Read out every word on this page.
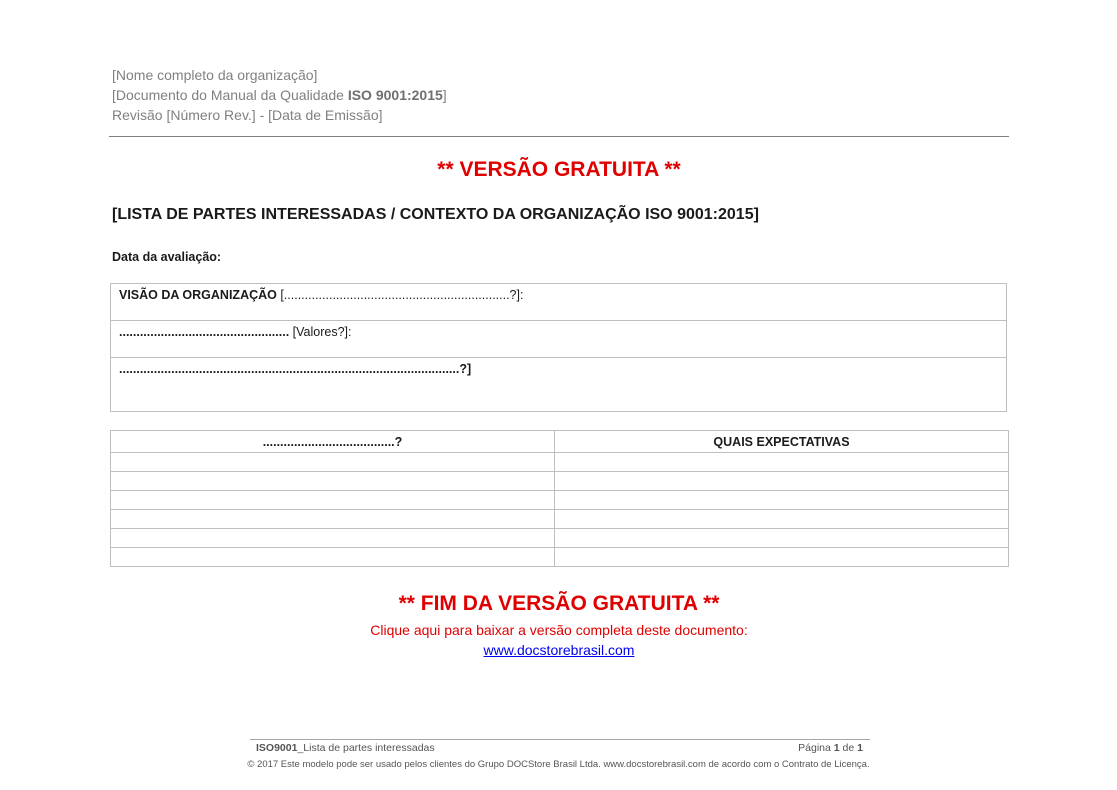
[Nome completo da organização]
[Documento do Manual da Qualidade ISO 9001:2015]
Revisão [Número Rev.] - [Data de Emissão]
** VERSÃO GRATUITA **
[LISTA DE PARTES INTERESSADAS / CONTEXTO DA ORGANIZAÇÃO ISO 9001:2015]
Data da avaliação:
VISÃO DA ORGANIZAÇÃO [.................................................................?]:
................................................. [Valores?]:
..................................................................................................?]
......................................?	QUAIS EXPECTATIVAS

** FIM DA VERSÃO GRATUITA **
Clique aqui para baixar a versão completa deste documento:
www.docstorebrasil.com
ISO9001_Lista de partes interessadas	Página 1 de 1
© 2017 Este modelo pode ser usado pelos clientes do Grupo DOCStore Brasil Ltda. www.docstorebrasil.com de acordo com o Contrato de Licença.
